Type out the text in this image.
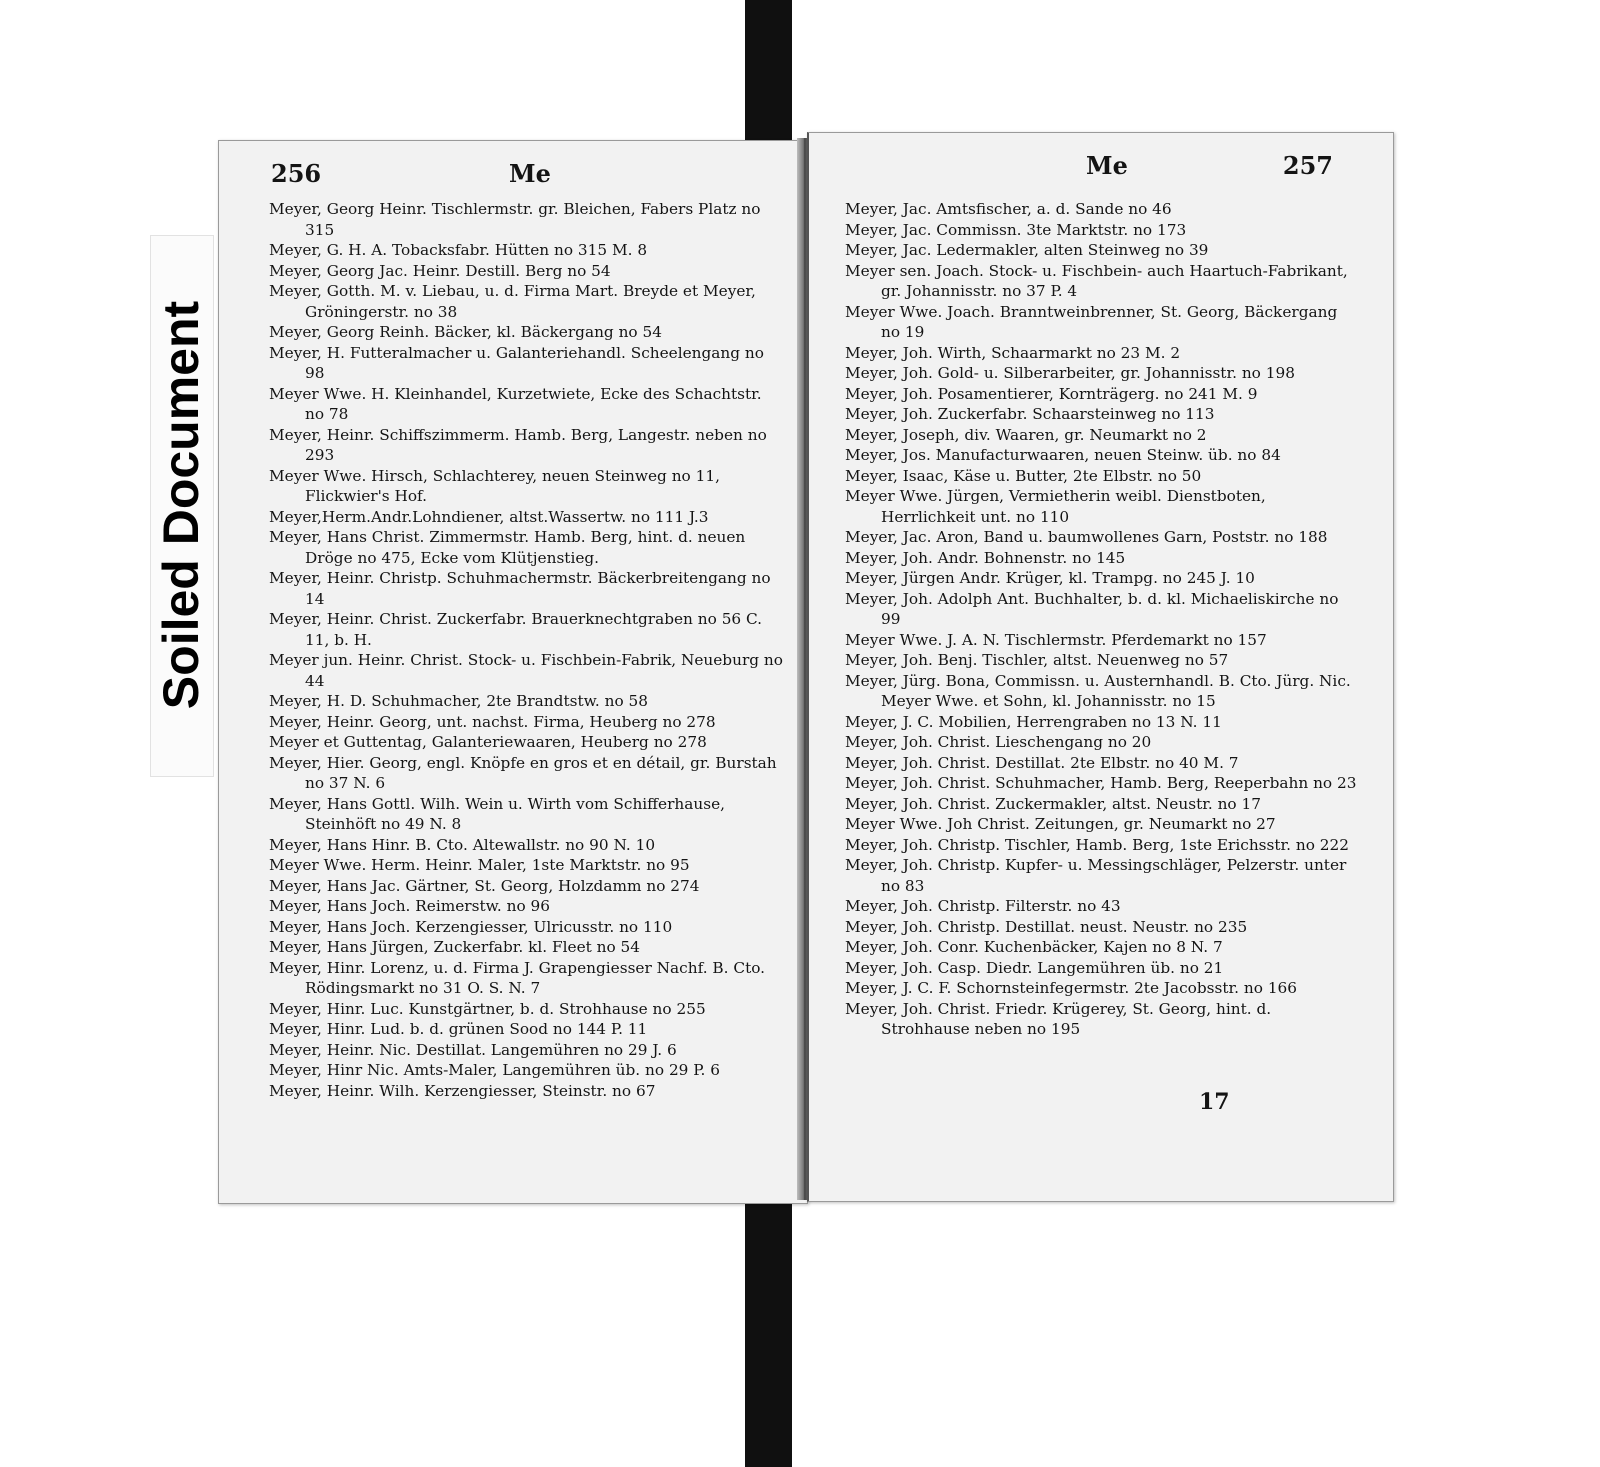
Soiled Document
256	Me
Meyer, Georg Heinr. Tischlermstr. gr. Bleichen, Fabers Platz no 315
Meyer, G. H. A. Tobacksfabr. Hütten no 315 M. 8
Meyer, Georg Jac. Heinr. Destill. Berg no 54
Meyer, Gotth. M. v. Liebau, u. d. Firma Mart. Breyde et Meyer, Gröningerstr. no 38
Meyer, Georg Reinh. Bäcker, kl. Bäckergang no 54
Meyer, H. Futteralmacher u. Galanteriehandl. Scheelengang no 98
Meyer Wwe. H. Kleinhandel, Kurzetwiete, Ecke des Schachtstr. no 78
Meyer, Heinr. Schiffszimmerm. Hamb. Berg, Langestr. neben no 293
Meyer Wwe. Hirsch, Schlachterey, neuen Steinweg no 11, Flickwier's Hof.
Meyer,Herm.Andr.Lohndiener, altst.Wassertw. no 111 J.3
Meyer, Hans Christ. Zimmermstr. Hamb. Berg, hint. d. neuen Dröge no 475, Ecke vom Klütjenstieg.
Meyer, Heinr. Christp. Schuhmachermstr. Bäckerbreitengang no 14
Meyer, Heinr. Christ. Zuckerfabr. Brauerknechtgraben no 56 C. 11, b. H.
Meyer jun. Heinr. Christ. Stock- u. Fischbein-Fabrik, Neueburg no 44
Meyer, H. D. Schuhmacher, 2te Brandtstw. no 58
Meyer, Heinr. Georg, unt. nachst. Firma, Heuberg no 278
Meyer et Guttentag, Galanteriewaaren, Heuberg no 278
Meyer, Hier. Georg, engl. Knöpfe en gros et en détail, gr. Burstah no 37 N. 6
Meyer, Hans Gottl. Wilh. Wein u. Wirth vom Schifferhause, Steinhöft no 49 N. 8
Meyer, Hans Hinr. B. Cto. Altewallstr. no 90 N. 10
Meyer Wwe. Herm. Heinr. Maler, 1ste Marktstr. no 95
Meyer, Hans Jac. Gärtner, St. Georg, Holzdamm no 274
Meyer, Hans Joch. Reimerstw. no 96
Meyer, Hans Joch. Kerzengiesser, Ulricusstr. no 110
Meyer, Hans Jürgen, Zuckerfabr. kl. Fleet no 54
Meyer, Hinr. Lorenz, u. d. Firma J. Grapengiesser Nachf. B. Cto. Rödingsmarkt no 31 O. S. N. 7
Meyer, Hinr. Luc. Kunstgärtner, b. d. Strohhause no 255
Meyer, Hinr. Lud. b. d. grünen Sood no 144 P. 11
Meyer, Heinr. Nic. Destillat. Langemühren no 29 J. 6
Meyer, Hinr Nic. Amts-Maler, Langemühren üb. no 29 P. 6
Meyer, Heinr. Wilh. Kerzengiesser, Steinstr. no 67
Me	257
Meyer, Jac. Amtsfischer, a. d. Sande no 46
Meyer, Jac. Commissn. 3te Marktstr. no 173
Meyer, Jac. Ledermakler, alten Steinweg no 39
Meyer sen. Joach. Stock- u. Fischbein- auch Haartuch-Fabrikant, gr. Johannisstr. no 37 P. 4
Meyer Wwe. Joach. Branntweinbrenner, St. Georg, Bäckergang no 19
Meyer, Joh. Wirth, Schaarmarkt no 23 M. 2
Meyer, Joh. Gold- u. Silberarbeiter, gr. Johannisstr. no 198
Meyer, Joh. Posamentierer, Kornträgerg. no 241 M. 9
Meyer, Joh. Zuckerfabr. Schaarsteinweg no 113
Meyer, Joseph, div. Waaren, gr. Neumarkt no 2
Meyer, Jos. Manufacturwaaren, neuen Steinw. üb. no 84
Meyer, Isaac, Käse u. Butter, 2te Elbstr. no 50
Meyer Wwe. Jürgen, Vermietherin weibl. Dienstboten, Herrlichkeit unt. no 110
Meyer, Jac. Aron, Band u. baumwollenes Garn, Poststr. no 188
Meyer, Joh. Andr. Bohnenstr. no 145
Meyer, Jürgen Andr. Krüger, kl. Trampg. no 245 J. 10
Meyer, Joh. Adolph Ant. Buchhalter, b. d. kl. Michaeliskirche no 99
Meyer Wwe. J. A. N. Tischlermstr. Pferdemarkt no 157
Meyer, Joh. Benj. Tischler, altst. Neuenweg no 57
Meyer, Jürg. Bona, Commissn. u. Austernhandl. B. Cto. Jürg. Nic. Meyer Wwe. et Sohn, kl. Johannisstr. no 15
Meyer, J. C. Mobilien, Herrengraben no 13 N. 11
Meyer, Joh. Christ. Lieschengang no 20
Meyer, Joh. Christ. Destillat. 2te Elbstr. no 40 M. 7
Meyer, Joh. Christ. Schuhmacher, Hamb. Berg, Reeperbahn no 23
Meyer, Joh. Christ. Zuckermakler, altst. Neustr. no 17
Meyer Wwe. Joh Christ. Zeitungen, gr. Neumarkt no 27
Meyer, Joh. Christp. Tischler, Hamb. Berg, 1ste Erichsstr. no 222
Meyer, Joh. Christp. Kupfer- u. Messingschläger, Pelzerstr. unter no 83
Meyer, Joh. Christp. Filterstr. no 43
Meyer, Joh. Christp. Destillat. neust. Neustr. no 235
Meyer, Joh. Conr. Kuchenbäcker, Kajen no 8 N. 7
Meyer, Joh. Casp. Diedr. Langemühren üb. no 21
Meyer, J. C. F. Schornsteinfegermstr. 2te Jacobsstr. no 166
Meyer, Joh. Christ. Friedr. Krügerey, St. Georg, hint. d. Strohhause neben no 195
17
